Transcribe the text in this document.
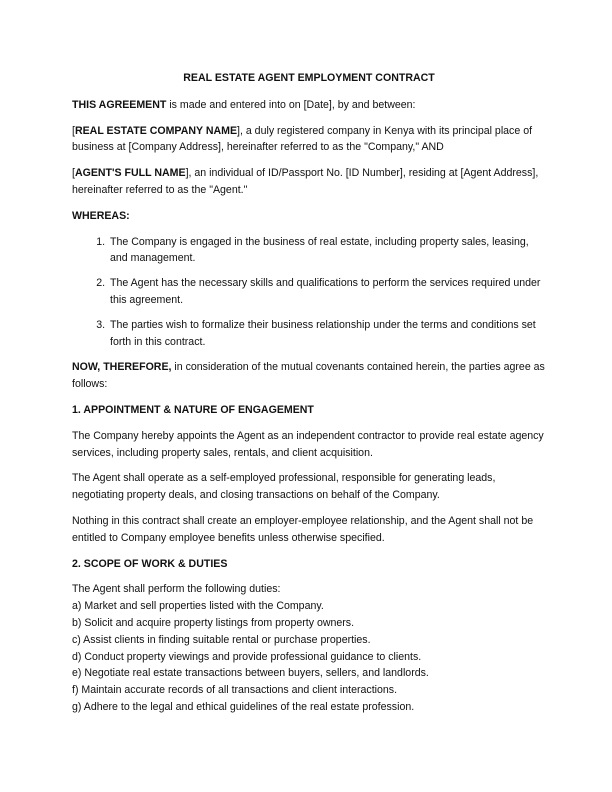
REAL ESTATE AGENT EMPLOYMENT CONTRACT

THIS AGREEMENT is made and entered into on [Date], by and between:

[REAL ESTATE COMPANY NAME], a duly registered company in Kenya with its principal place of business at [Company Address], hereinafter referred to as the "Company," AND

[AGENT'S FULL NAME], an individual of ID/Passport No. [ID Number], residing at [Agent Address], hereinafter referred to as the "Agent."

WHEREAS:
1. The Company is engaged in the business of real estate, including property sales, leasing, and management.
2. The Agent has the necessary skills and qualifications to perform the services required under this agreement.
3. The parties wish to formalize their business relationship under the terms and conditions set forth in this contract.

NOW, THEREFORE, in consideration of the mutual covenants contained herein, the parties agree as follows:

1. APPOINTMENT & NATURE OF ENGAGEMENT

The Company hereby appoints the Agent as an independent contractor to provide real estate agency services, including property sales, rentals, and client acquisition.

The Agent shall operate as a self-employed professional, responsible for generating leads, negotiating property deals, and closing transactions on behalf of the Company.

Nothing in this contract shall create an employer-employee relationship, and the Agent shall not be entitled to Company employee benefits unless otherwise specified.

2. SCOPE OF WORK & DUTIES

The Agent shall perform the following duties:

a) Market and sell properties listed with the Company.
b) Solicit and acquire property listings from property owners.
c) Assist clients in finding suitable rental or purchase properties.
d) Conduct property viewings and provide professional guidance to clients.
e) Negotiate real estate transactions between buyers, sellers, and landlords.
f) Maintain accurate records of all transactions and client interactions.
g) Adhere to the legal and ethical guidelines of the real estate profession.
